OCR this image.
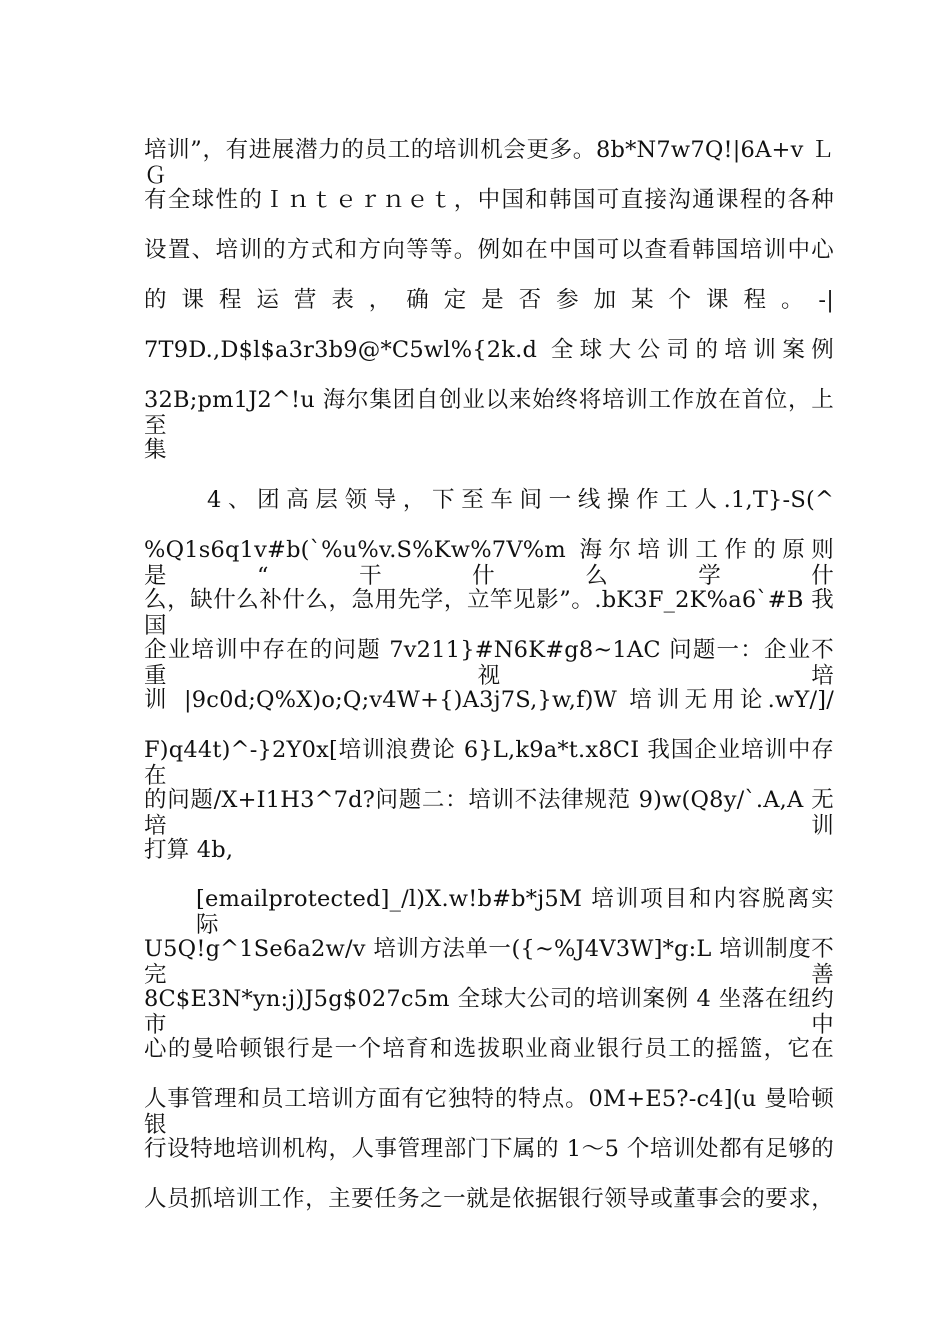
培训”，有进展潜力的员工的培训机会更多。8b*N7w7Q!|6A+v ＬＧ
有全球性的Ｉｎｔｅｒｎｅｔ，中国和韩国可直接沟通课程的各种
设置、培训的方式和方向等等。例如在中国可以查看韩国培训中心
的课程运营表，确定是否参加某个课程。-|
7T9D.,D$l$a3r3b9@*C5wl%{2k.d 全球大公司的培训案例
32B;pm1J2^!u 海尔集团自创业以来始终将培训工作放在首位，上至
集
4、团高层领导，下至车间一线操作工人.1,T}-S(^
%Q1s6q1v#b(`%u%v.S%Kw%7V%m 海尔培训工作的原则是“干什么学什
么，缺什么补什么，急用先学，立竿见影”。.bK3F_2K%a6`#B 我国
企业培训中存在的问题 7v211}#N6K#g8~1AC 问题一：企业不重视培
训 |9c0d;Q%X)o;Q;v4W+{)A3j7S,}w,f)W 培训无用论.wY/]/
F)q44t)^-}2Y0x[培训浪费论 6}L,k9a*t.x8CI 我国企业培训中存在
的问题/X+I1H3^7d?问题二：培训不法律规范 9)w(Q8y/`.A,A 无培训
打算 4b,
[emailprotected]_/l)X.w!b#b*j5M 培训项目和内容脱离实际
U5Q!g^1Se6a2w/v 培训方法单一({~%J4V3W]*g:L 培训制度不完善
8C$E3N*yn:j)J5g$027c5m 全球大公司的培训案例 4 坐落在纽约市中
心的曼哈顿银行是一个培育和选拔职业商业银行员工的摇篮，它在
人事管理和员工培训方面有它独特的特点。0M+E5?-c4](u 曼哈顿银
行设特地培训机构，人事管理部门下属的 1～5 个培训处都有足够的
人员抓培训工作，主要任务之一就是依据银行领导或董事会的要求，
